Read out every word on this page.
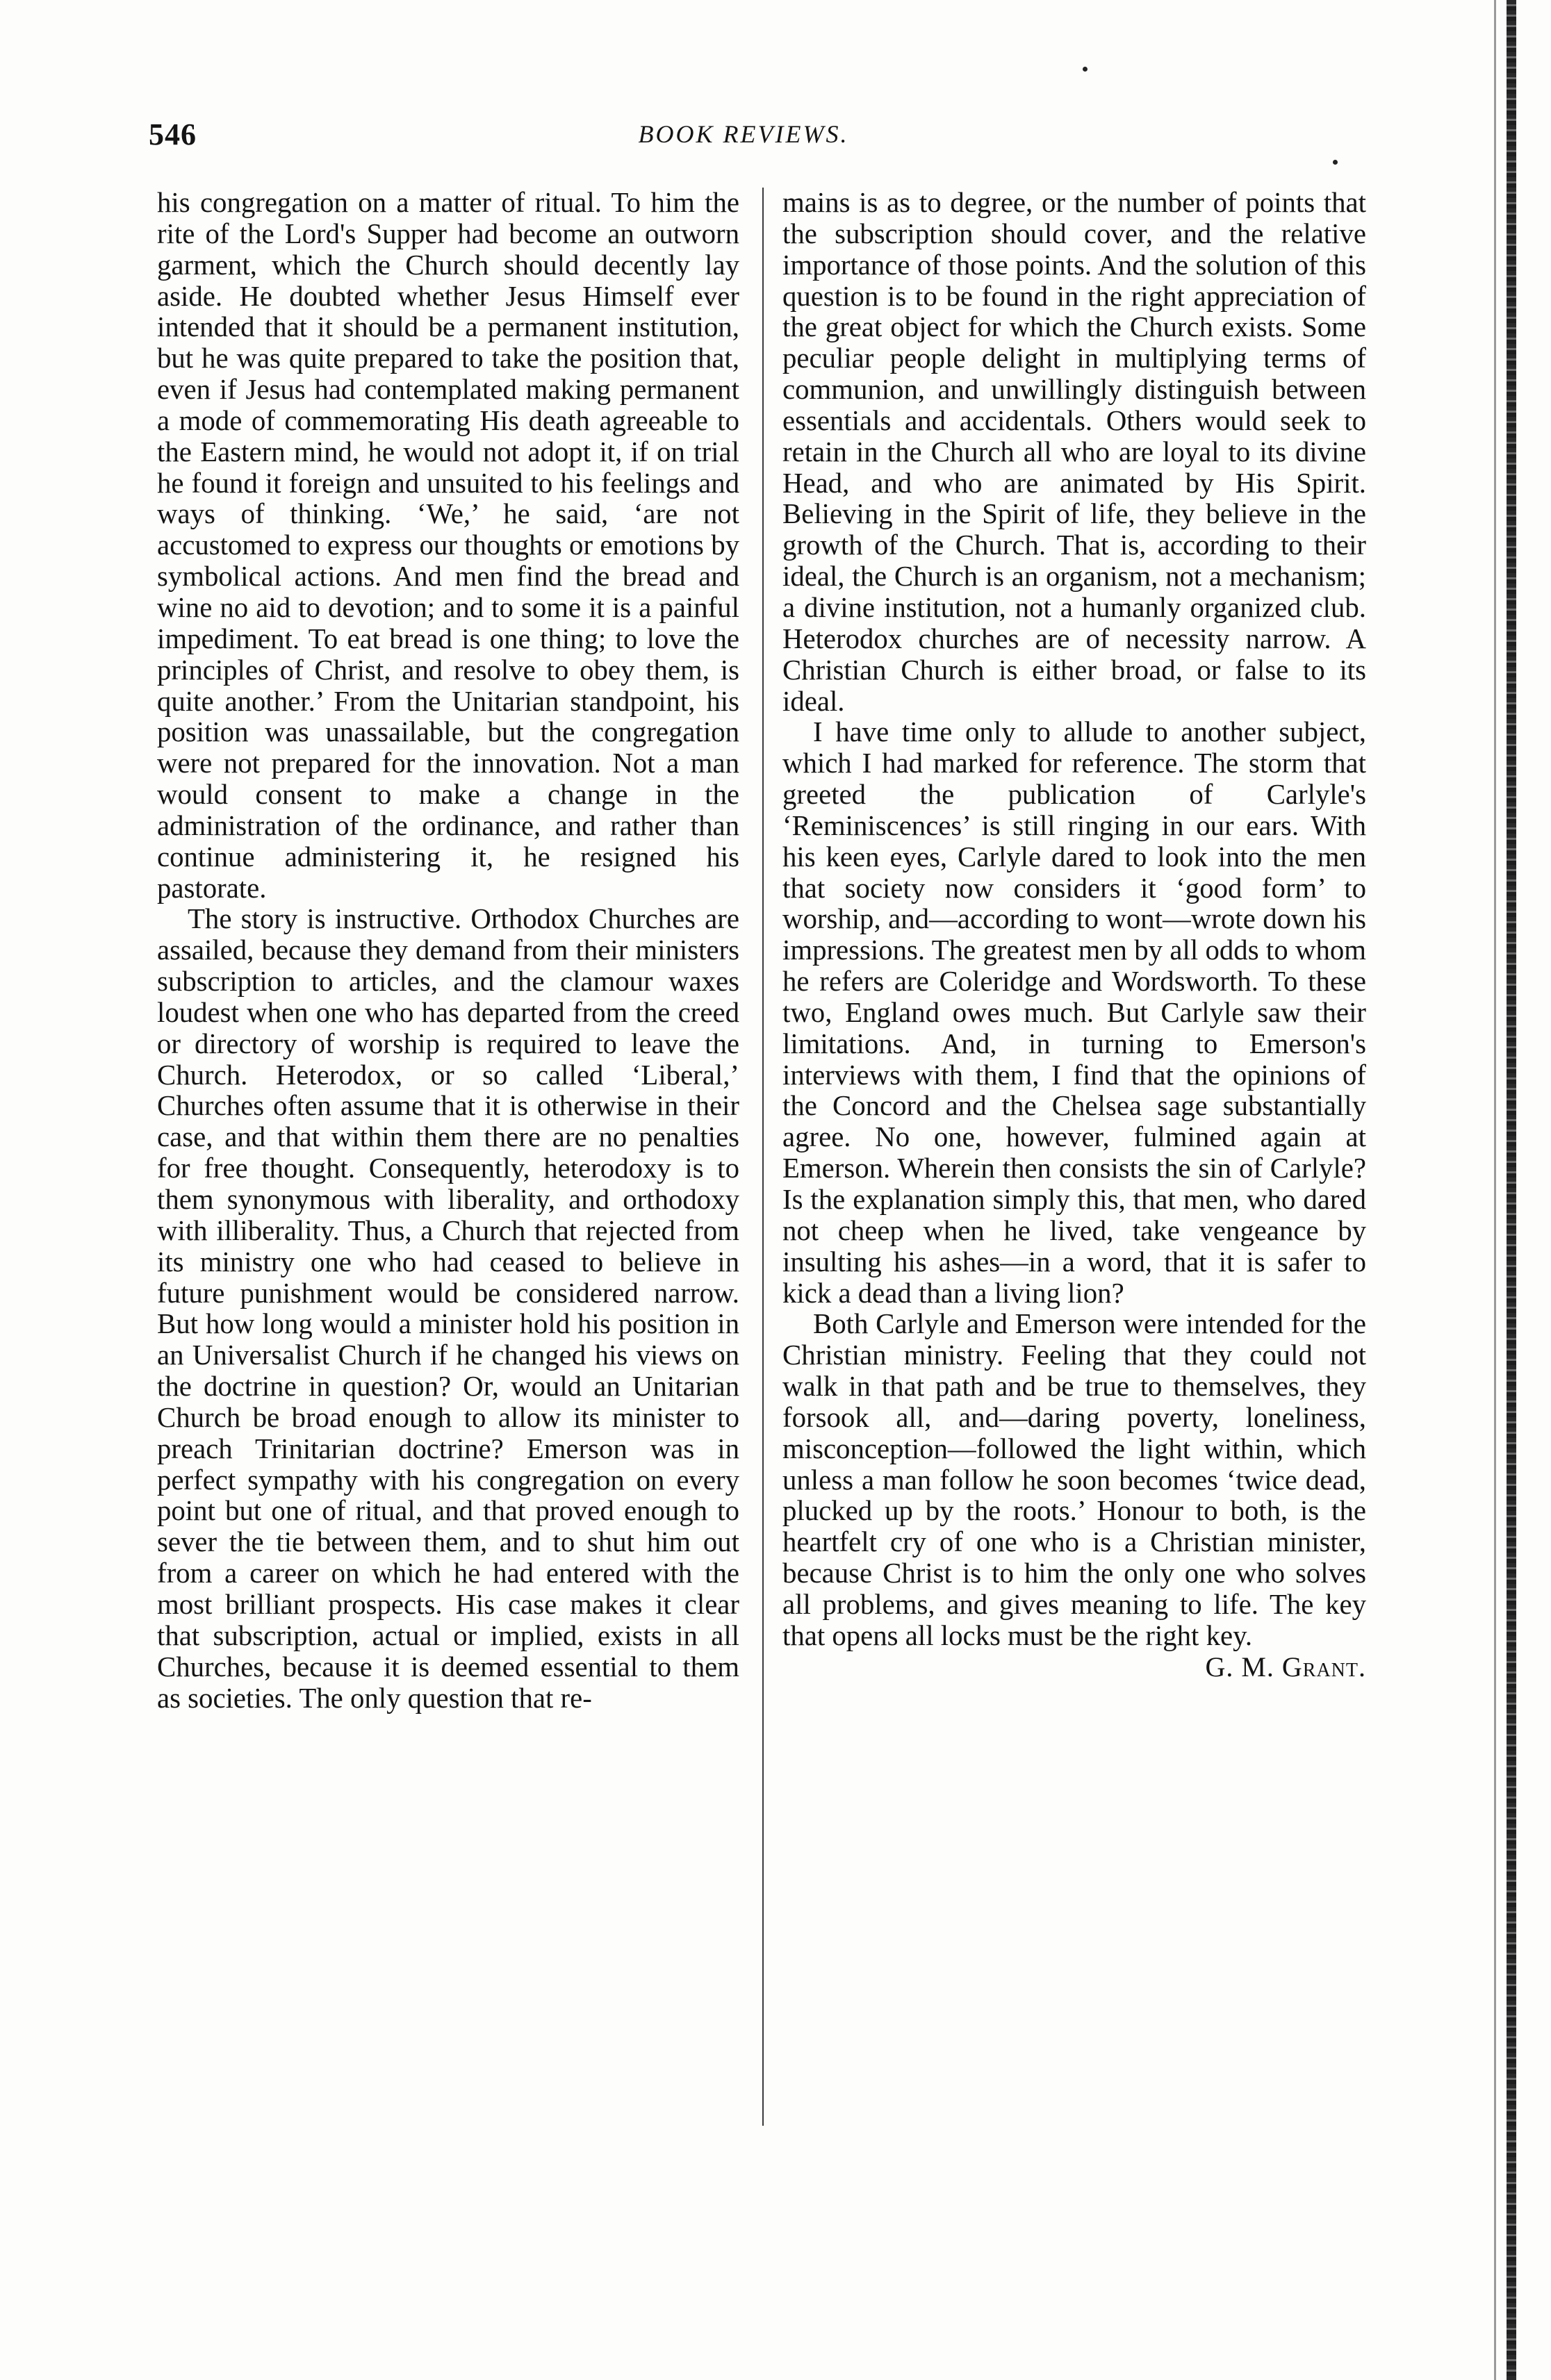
546	BOOK REVIEWS.

his congregation on a matter of ritual. To him the rite of the Lord's Supper had become an outworn garment, which the Church should decently lay aside. He doubted whether Jesus Himself ever intended that it should be a permanent institution, but he was quite prepared to take the position that, even if Jesus had contemplated making permanent a mode of commemorating His death agreeable to the Eastern mind, he would not adopt it, if on trial he found it foreign and unsuited to his feelings and ways of thinking. ‘We,’ he said, ‘are not accustomed to express our thoughts or emotions by symbolical actions. And men find the bread and wine no aid to devotion; and to some it is a painful impediment. To eat bread is one thing; to love the principles of Christ, and resolve to obey them, is quite another.’ From the Unitarian standpoint, his position was unassailable, but the congregation were not prepared for the innovation. Not a man would consent to make a change in the administration of the ordinance, and rather than continue administering it, he resigned his pastorate.

The story is instructive. Orthodox Churches are assailed, because they demand from their ministers subscription to articles, and the clamour waxes loudest when one who has departed from the creed or directory of worship is required to leave the Church. Heterodox, or so called ‘Liberal,’ Churches often assume that it is otherwise in their case, and that within them there are no penalties for free thought. Consequently, heterodoxy is to them synonymous with liberality, and orthodoxy with illiberality. Thus, a Church that rejected from its ministry one who had ceased to believe in future punishment would be considered narrow. But how long would a minister hold his position in an Universalist Church if he changed his views on the doctrine in question? Or, would an Unitarian Church be broad enough to allow its minister to preach Trinitarian doctrine? Emerson was in perfect sympathy with his congregation on every point but one of ritual, and that proved enough to sever the tie between them, and to shut him out from a career on which he had entered with the most brilliant prospects. His case makes it clear that subscription, actual or implied, exists in all Churches, because it is deemed essential to them as societies. The only question that re-

mains is as to degree, or the number of points that the subscription should cover, and the relative importance of those points. And the solution of this question is to be found in the right appreciation of the great object for which the Church exists. Some peculiar people delight in multiplying terms of communion, and unwillingly distinguish between essentials and accidentals. Others would seek to retain in the Church all who are loyal to its divine Head, and who are animated by His Spirit. Believing in the Spirit of life, they believe in the growth of the Church. That is, according to their ideal, the Church is an organism, not a mechanism; a divine institution, not a humanly organized club. Heterodox churches are of necessity narrow. A Christian Church is either broad, or false to its ideal.

I have time only to allude to another subject, which I had marked for reference. The storm that greeted the publication of Carlyle's ‘Reminiscences’ is still ringing in our ears. With his keen eyes, Carlyle dared to look into the men that society now considers it ‘good form’ to worship, and—according to wont—wrote down his impressions. The greatest men by all odds to whom he refers are Coleridge and Wordsworth. To these two, England owes much. But Carlyle saw their limitations. And, in turning to Emerson's interviews with them, I find that the opinions of the Concord and the Chelsea sage substantially agree. No one, however, fulmined again at Emerson. Wherein then consists the sin of Carlyle? Is the explanation simply this, that men, who dared not cheep when he lived, take vengeance by insulting his ashes—in a word, that it is safer to kick a dead than a living lion?

Both Carlyle and Emerson were intended for the Christian ministry. Feeling that they could not walk in that path and be true to themselves, they forsook all, and—daring poverty, loneliness, misconception—followed the light within, which unless a man follow he soon becomes ‘twice dead, plucked up by the roots.’ Honour to both, is the heartfelt cry of one who is a Christian minister, because Christ is to him the only one who solves all problems, and gives meaning to life. The key that opens all locks must be the right key.

G. M. Grant.
